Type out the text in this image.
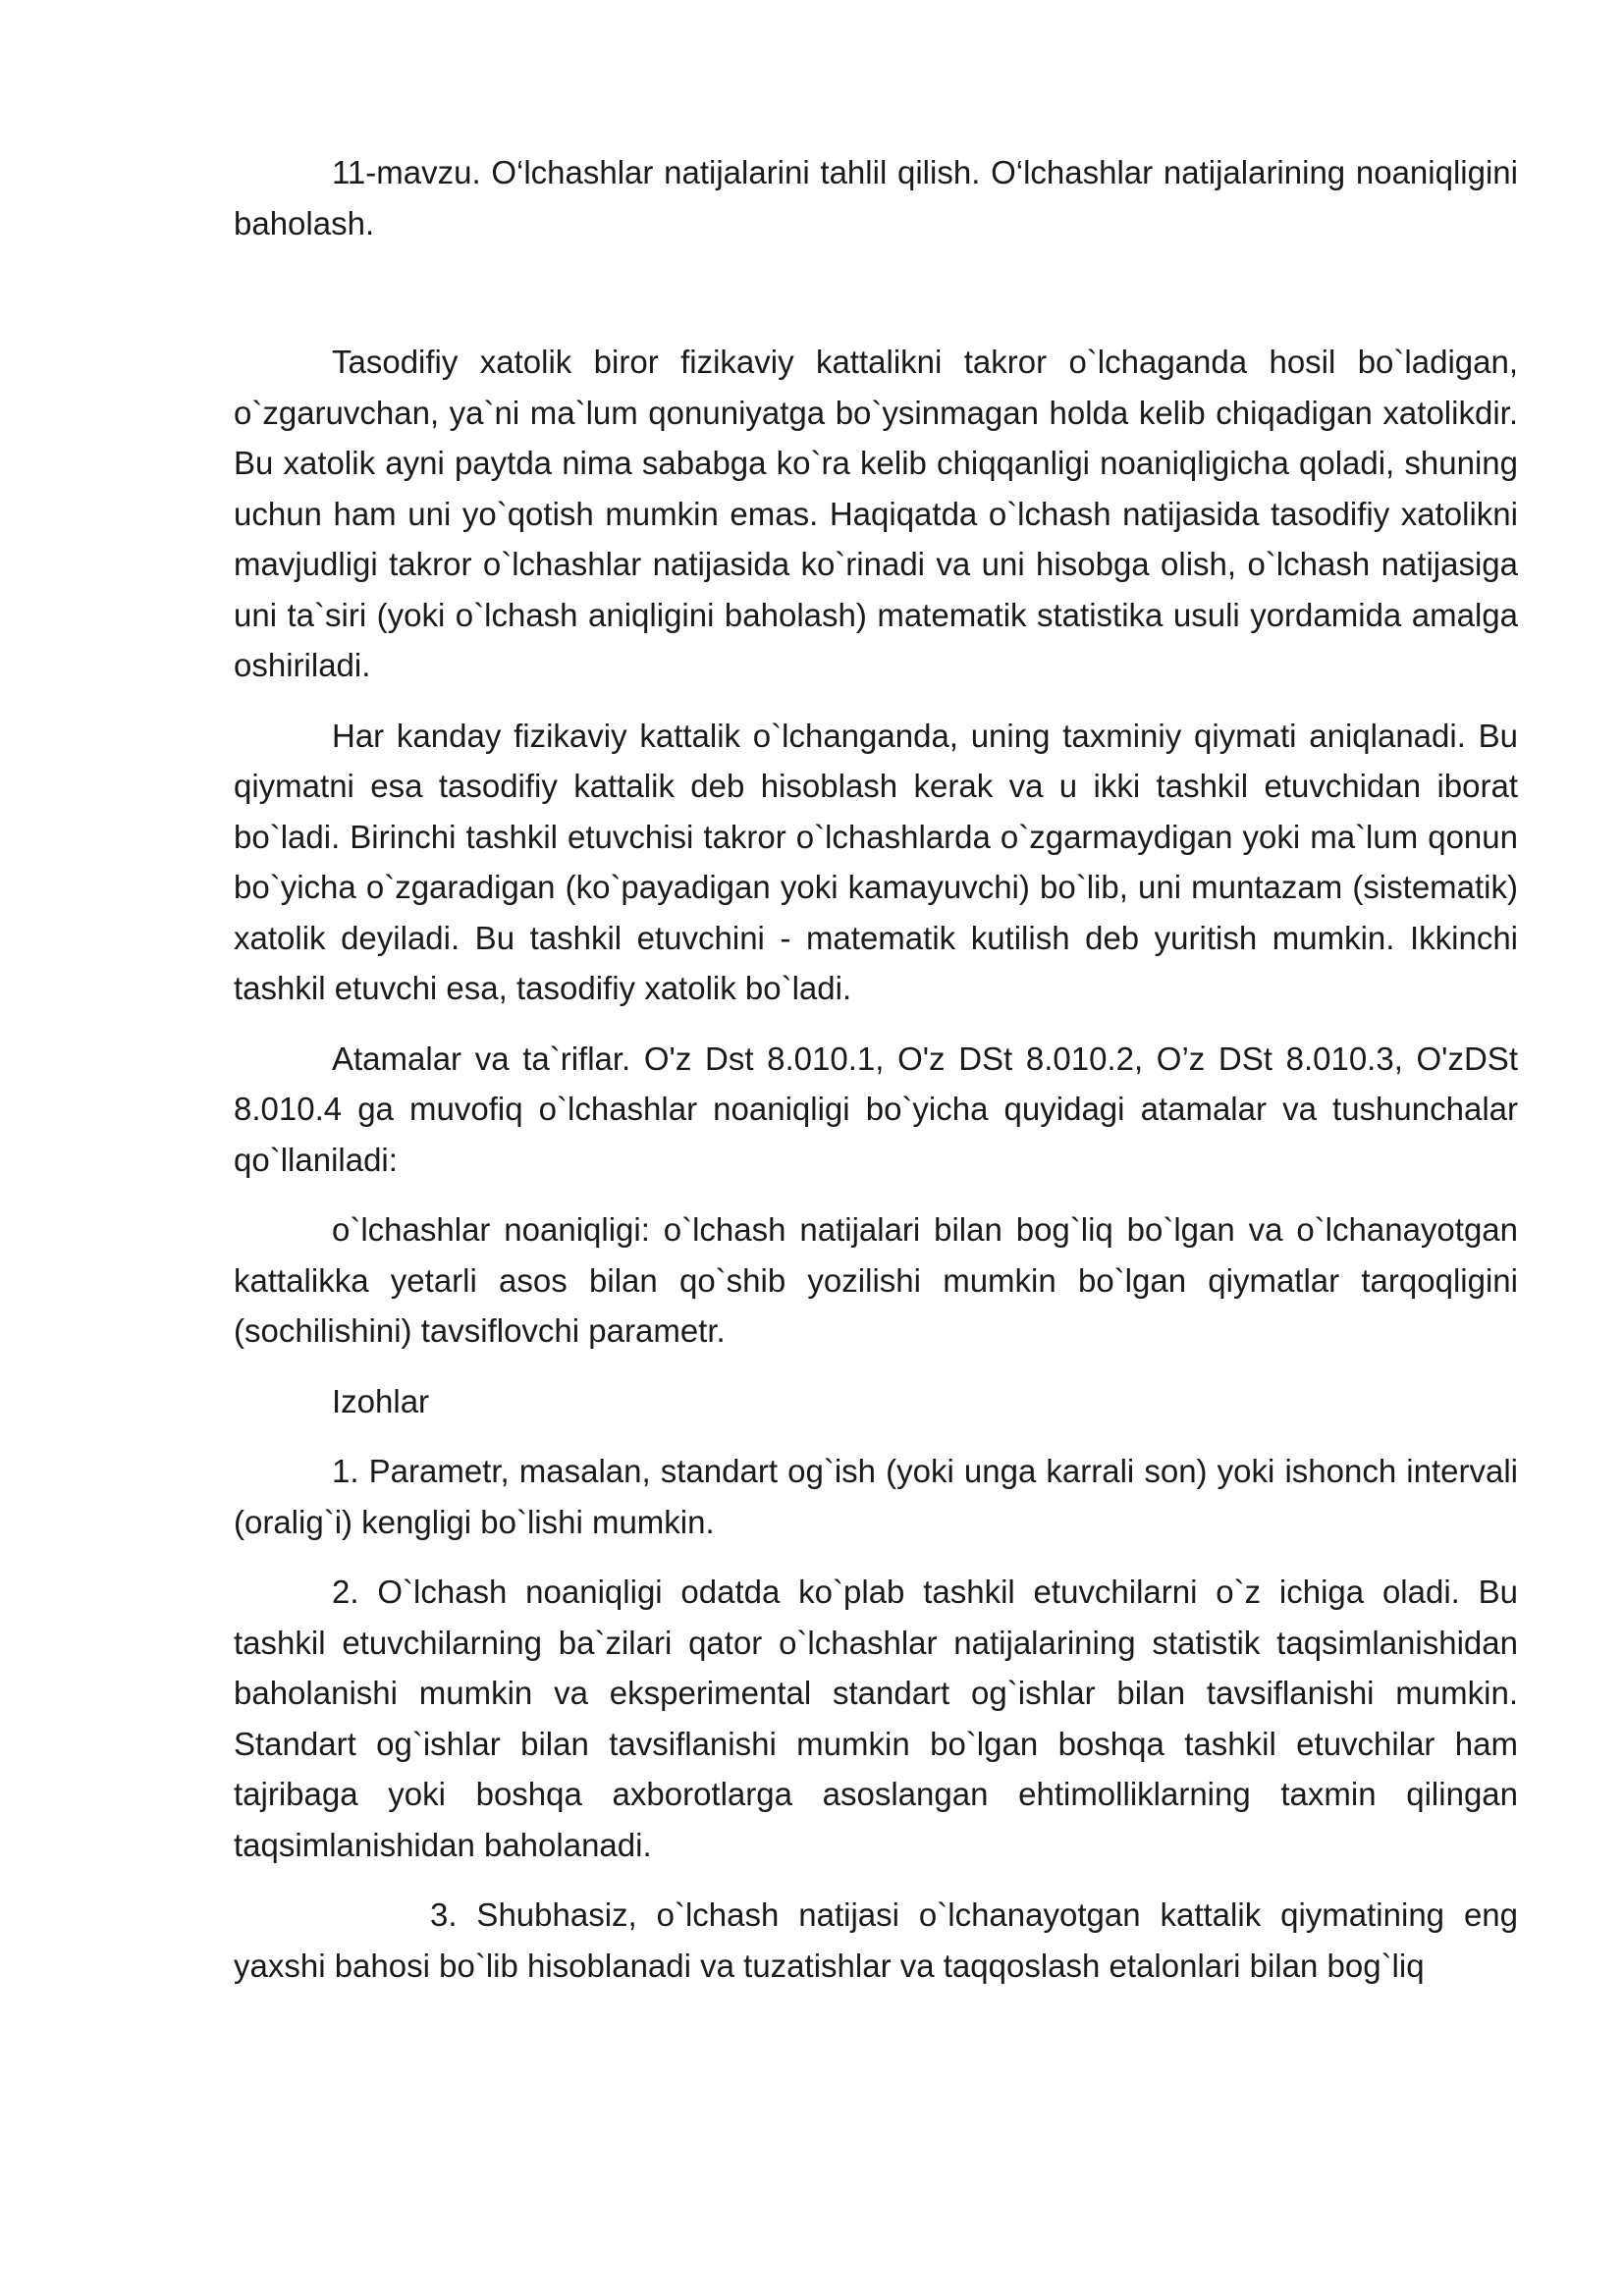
11-mavzu. O‘lchashlar natijalarini tahlil qilish. O‘lchashlar natijalarining noaniqligini baholash.

Tasodifiy xatolik biror fizikaviy kattalikni takror o`lchaganda hosil bo`ladigan, o`zgaruvchan, ya`ni ma`lum qonuniyatga bo`ysinmagan holda kelib chiqadigan xatolikdir. Bu xatolik ayni paytda nima sababga ko`ra kelib chiqqanligi noaniqligicha qoladi, shuning uchun ham uni yo`qotish mumkin emas. Haqiqatda o`lchash natijasida tasodifiy xatolikni mavjudligi takror o`lchashlar natijasida ko`rinadi va uni hisobga olish, o`lchash natijasiga uni ta`siri (yoki o`lchash aniqligini baholash) matematik statistika usuli yordamida amalga oshiriladi.

Har kanday fizikaviy kattalik o`lchanganda, uning taxminiy qiymati aniqlanadi. Bu qiymatni esa tasodifiy kattalik deb hisoblash kerak va u ikki tashkil etuvchidan iborat bo`ladi. Birinchi tashkil etuvchisi takror o`lchashlarda o`zgarmaydigan yoki ma`lum qonun bo`yicha o`zgaradigan (ko`payadigan yoki kamayuvchi) bo`lib, uni muntazam (sistematik) xatolik deyiladi. Bu tashkil etuvchini - matematik kutilish deb yuritish mumkin. Ikkinchi tashkil etuvchi esa, tasodifiy xatolik bo`ladi.

Atamalar va ta`riflar. O'z Dst 8.010.1, O'z DSt 8.010.2, O’z DSt 8.010.3, O'zDSt 8.010.4 ga muvofiq o`lchashlar noaniqligi bo`yicha quyidagi atamalar va tushunchalar qo`llaniladi:

o`lchashlar noaniqligi: o`lchash natijalari bilan bog`liq bo`lgan va o`lchanayotgan kattalikka yetarli asos bilan qo`shib yozilishi mumkin bo`lgan qiymatlar tarqoqligini (sochilishini) tavsiflovchi parametr.

Izohlar

1. Parametr, masalan, standart og`ish (yoki unga karrali son) yoki ishonch intervali (oralig`i) kengligi bo`lishi mumkin.

2. O`lchash noaniqligi odatda ko`plab tashkil etuvchilarni o`z ichiga oladi. Bu tashkil etuvchilarning ba`zilari qator o`lchashlar natijalarining statistik taqsimlanishidan baholanishi mumkin va eksperimental standart og`ishlar bilan tavsiflanishi mumkin. Standart og`ishlar bilan tavsiflanishi mumkin bo`lgan boshqa tashkil etuvchilar ham tajribaga yoki boshqa axborotlarga asoslangan ehtimolliklarning taxmin qilingan taqsimlanishidan baholanadi.

3. Shubhasiz, o`lchash natijasi o`lchanayotgan kattalik qiymatining eng yaxshi bahosi bo`lib hisoblanadi va tuzatishlar va taqqoslash etalonlari bilan bog`liq
